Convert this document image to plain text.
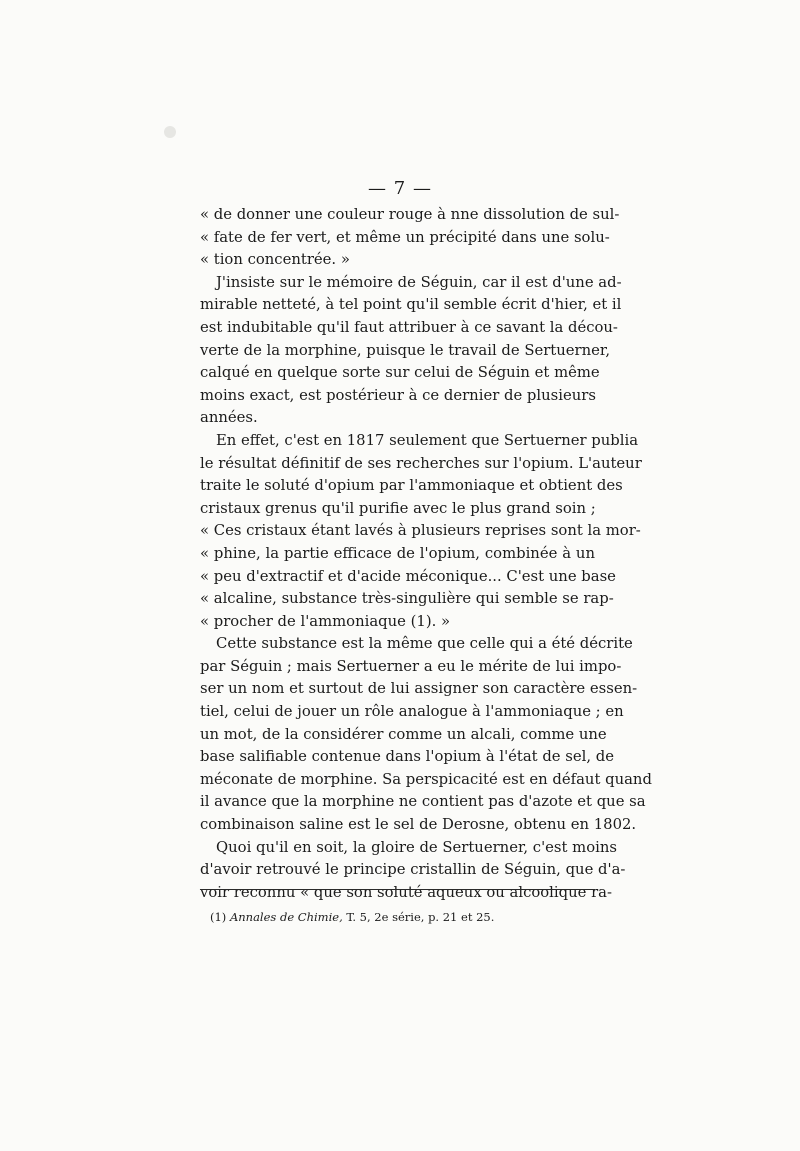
— 7 —
« de donner une couleur rouge à nne dissolution de sul-
« fate de fer vert, et même un précipité dans une solu-
« tion concentrée. »
J'insiste sur le mémoire de Séguin, car il est d'une ad-
mirable netteté, à tel point qu'il semble écrit d'hier, et il
est indubitable qu'il faut attribuer à ce savant la décou-
verte de la morphine, puisque le travail de Sertuerner,
calqué en quelque sorte sur celui de Séguin et même
moins exact, est postérieur à ce dernier de plusieurs
années.
En effet, c'est en 1817 seulement que Sertuerner publia
le résultat définitif de ses recherches sur l'opium. L'auteur
traite le soluté d'opium par l'ammoniaque et obtient des
cristaux grenus qu'il purifie avec le plus grand soin ;
« Ces cristaux étant lavés à plusieurs reprises sont la mor-
« phine, la partie efficace de l'opium, combinée à un
« peu d'extractif et d'acide méconique... C'est une base
« alcaline, substance très-singulière qui semble se rap-
« procher de l'ammoniaque (1). »
Cette substance est la même que celle qui a été décrite
par Séguin ; mais Sertuerner a eu le mérite de lui impo-
ser un nom et surtout de lui assigner son caractère essen-
tiel, celui de jouer un rôle analogue à l'ammoniaque ; en
un mot, de la considérer comme un alcali, comme une
base salifiable contenue dans l'opium à l'état de sel, de
méconate de morphine. Sa perspicacité est en défaut quand
il avance que la morphine ne contient pas d'azote et que sa
combinaison saline est le sel de Derosne, obtenu en 1802.
Quoi qu'il en soit, la gloire de Sertuerner, c'est moins
d'avoir retrouvé le principe cristallin de Séguin, que d'a-
voir reconnu « que son soluté aqueux ou alcoolique ra-
(1) Annales de Chimie, T. 5, 2e série, p. 21 et 25.
